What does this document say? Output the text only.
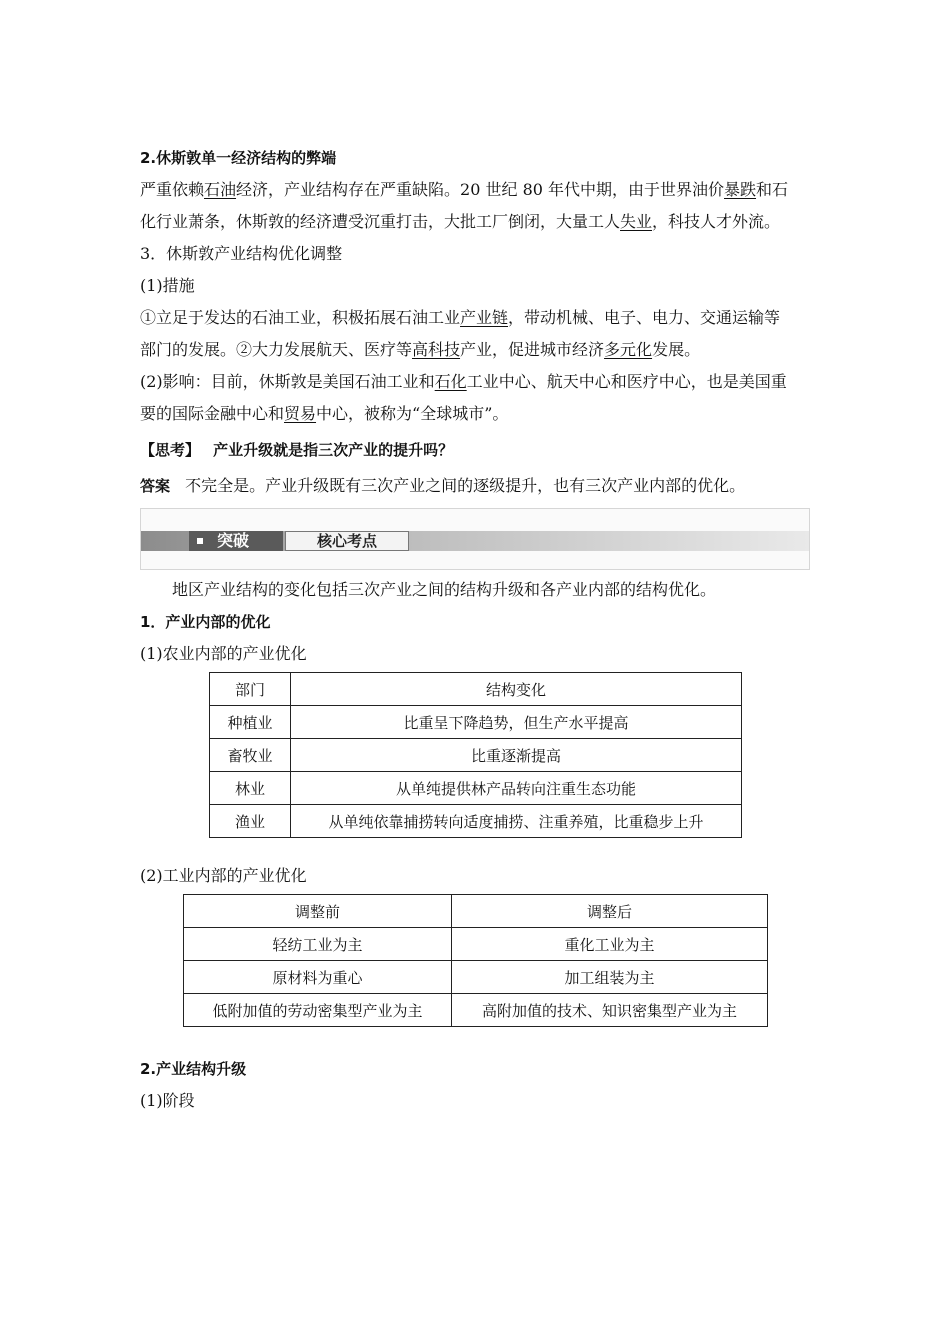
2.休斯敦单一经济结构的弊端
严重依赖石油经济，产业结构存在严重缺陷。20 世纪 80 年代中期，由于世界油价暴跌和石
化行业萧条，休斯敦的经济遭受沉重打击，大批工厂倒闭，大量工人失业，科技人才外流。
3．休斯敦产业结构优化调整
(1)措施
①立足于发达的石油工业，积极拓展石油工业产业链，带动机械、电子、电力、交通运输等
部门的发展。②大力发展航天、医疗等高科技产业，促进城市经济多元化发展。
(2)影响：目前，休斯敦是美国石油工业和石化工业中心、航天中心和医疗中心，也是美国重
要的国际金融中心和贸易中心，被称为“全球城市”。
【思考】 产业升级就是指三次产业的提升吗？
答案 不完全是。产业升级既有三次产业之间的逐级提升，也有三次产业内部的优化。
突破	核心考点
地区产业结构的变化包括三次产业之间的结构升级和各产业内部的结构优化。
1．产业内部的优化
(1)农业内部的产业优化
部门	结构变化
种植业	比重呈下降趋势，但生产水平提高
畜牧业	比重逐渐提高
林业	从单纯提供林产品转向注重生态功能
渔业	从单纯依靠捕捞转向适度捕捞、注重养殖，比重稳步上升
(2)工业内部的产业优化
调整前	调整后
轻纺工业为主	重化工业为主
原材料为重心	加工组装为主
低附加值的劳动密集型产业为主	高附加值的技术、知识密集型产业为主
2.产业结构升级
(1)阶段
